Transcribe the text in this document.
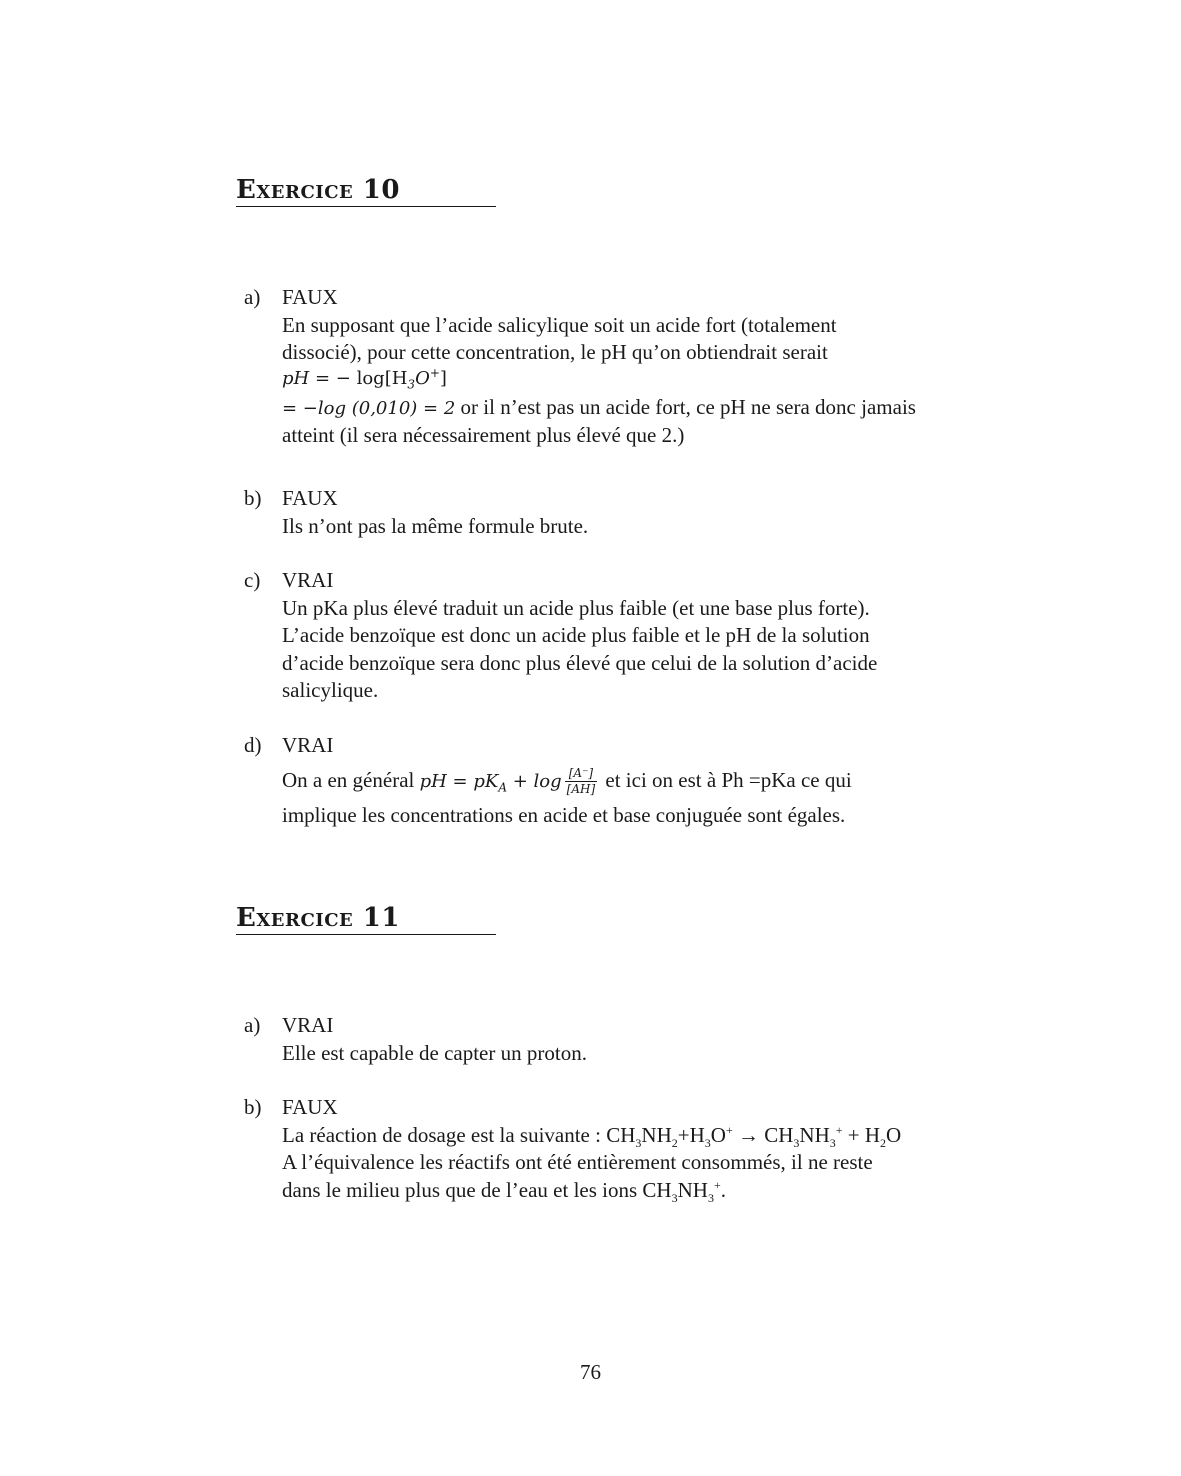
Exercice 10
a) FAUX
En supposant que l’acide salicylique soit un acide fort (totalement
dissocié), pour cette concentration, le pH qu’on obtiendrait serait
pH = − $\log[H_3O^+]$
= −log (0,010) = 2 or il n’est pas un acide fort, ce pH ne sera donc jamais
atteint (il sera nécessairement plus élevé que 2.)
b) FAUX
Ils n’ont pas la même formule brute.
c) VRAI
Un pKa plus élevé traduit un acide plus faible (et une base plus forte).
L’acide benzoïque est donc un acide plus faible et le pH de la solution
d’acide benzoïque sera donc plus élevé que celui de la solution d’acide
salicylique.
d) VRAI
On a en général pH = $pK_A + \log \frac{[A^-]}{[AH]}$ et ici on est à Ph =pKa ce qui
implique les concentrations en acide et base conjuguée sont égales.
Exercice 11
a) VRAI
Elle est capable de capter un proton.
b) FAUX
La réaction de dosage est la suivante : $CH_3NH_2+H_3O^+ \to CH_3NH_3^+ + H_2O$
A l’équivalence les réactifs ont été entièrement consommés, il ne reste
dans le milieu plus que de l’eau et les ions $CH_3NH_3^+$.
76
